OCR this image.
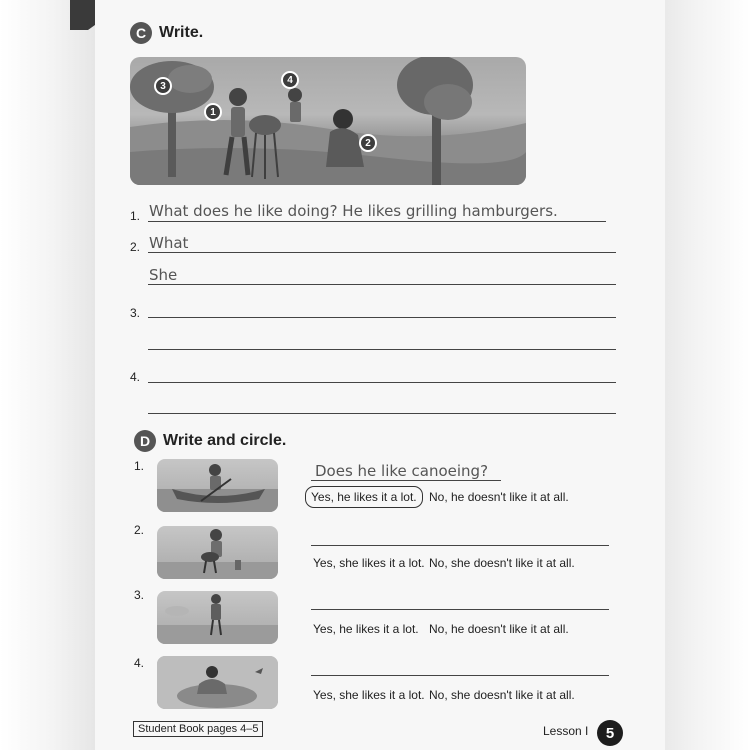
C Write.
3
1
4
2
1. What does he like doing? He likes grilling hamburgers.
2. What
She
3.
4.
D Write and circle.
1.	Does he like canoeing?
Yes, he likes it a lot.	No, he doesn't like it at all.
2.
Yes, she likes it a lot. No, she doesn't like it at all.
3.
Yes, he likes it a lot. No, he doesn't like it at all.
4.
Yes, she likes it a lot. No, she doesn't like it at all.
Student Book pages 4–5	Lesson I	5
